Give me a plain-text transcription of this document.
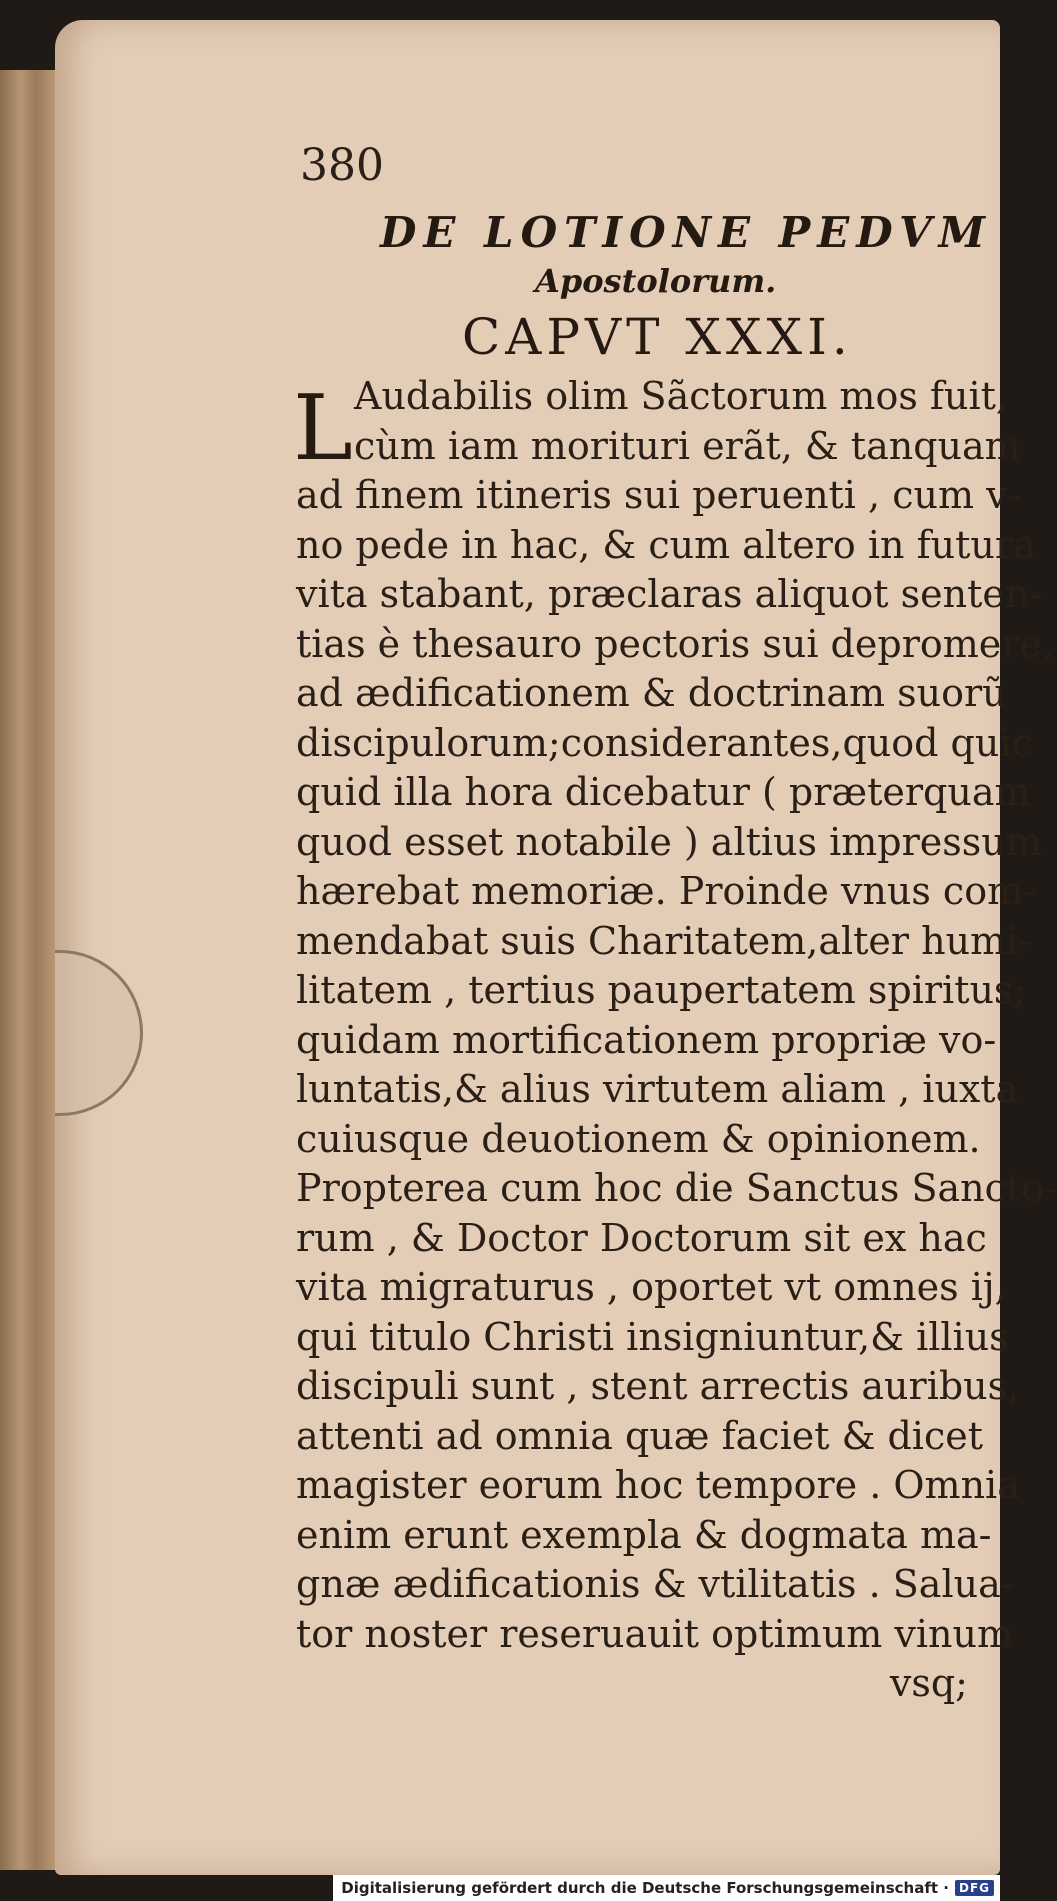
380
DE LOTIONE PEDVM
Apostolorum.
CAPVT XXXI.
L Audabilis olim Sãctorum mos fuit,
cùm iam morituri erãt, & tanquam
ad finem itineris sui peruenti , cum v-
no pede in hac, & cum altero in futura
vita stabant, præclaras aliquot senten-
tias è thesauro pectoris sui depromere,
ad ædificationem & doctrinam suorũ
discipulorum;considerantes,quod quic
quid illa hora dicebatur ( præterquam
quod esset notabile ) altius impressum
hærebat memoriæ. Proinde vnus com-
mendabat suis Charitatem,alter humi-
litatem , tertius paupertatem spiritus;
quidam mortificationem propriæ vo-
luntatis,& alius virtutem aliam , iuxta
cuiusque deuotionem & opinionem.
Propterea cum hoc die Sanctus Sancto-
rum , & Doctor Doctorum sit ex hac
vita migraturus , oportet vt omnes ij,
qui titulo Christi insigniuntur,& illius
discipuli sunt , stent arrectis auribus,
attenti ad omnia quæ faciet & dicet
magister eorum hoc tempore . Omnia
enim erunt exempla & dogmata ma-
gnæ ædificationis & vtilitatis . Salua-
tor noster reseruauit optimum vinum
vsq;
Digitalisierung gefördert durch die Deutsche Forschungsgemeinschaft · DFG
